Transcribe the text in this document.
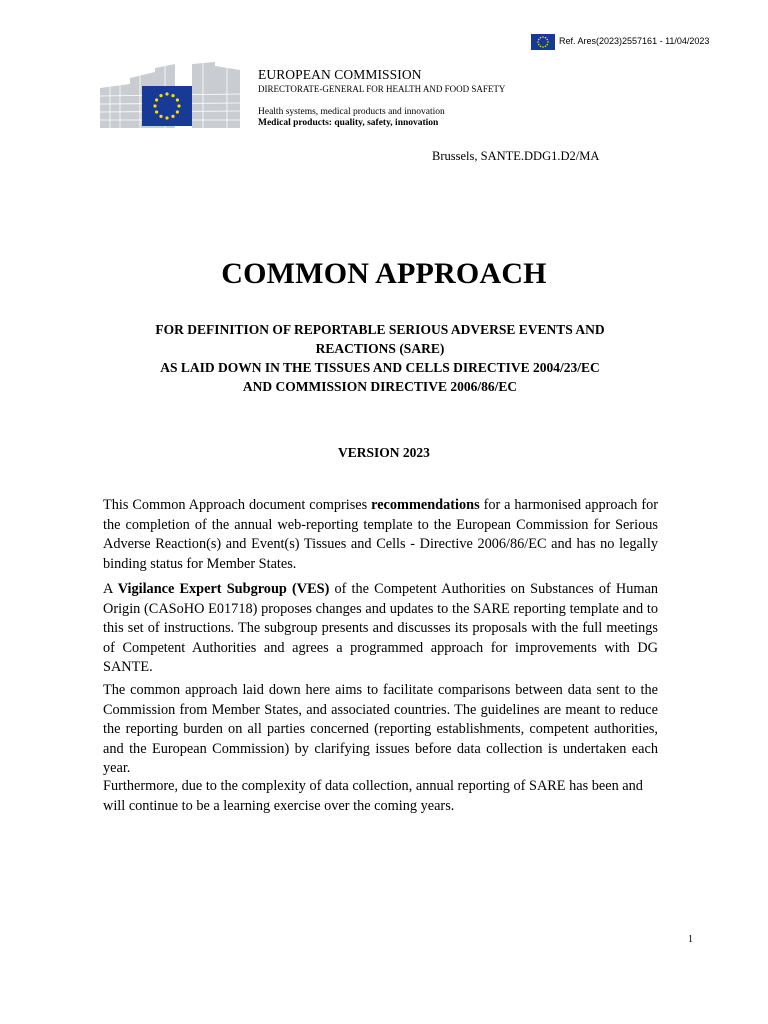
Ref. Ares(2023)2557161 - 11/04/2023
EUROPEAN COMMISSION
DIRECTORATE-GENERAL FOR HEALTH AND FOOD SAFETY
Health systems, medical products and innovation
Medical products: quality, safety, innovation
Brussels, SANTE.DDG1.D2/MA
COMMON APPROACH
FOR DEFINITION OF REPORTABLE SERIOUS ADVERSE EVENTS AND
REACTIONS (SARE)
AS LAID DOWN IN THE TISSUES AND CELLS DIRECTIVE 2004/23/EC
AND COMMISSION DIRECTIVE 2006/86/EC
VERSION 2023
This Common Approach document comprises recommendations for a harmonised approach for the completion of the annual web-reporting template to the European Commission for Serious Adverse Reaction(s) and Event(s) Tissues and Cells - Directive 2006/86/EC and has no legally binding status for Member States.
A Vigilance Expert Subgroup (VES) of the Competent Authorities on Substances of Human Origin (CASoHO E01718) proposes changes and updates to the SARE reporting template and to this set of instructions. The subgroup presents and discusses its proposals with the full meetings of Competent Authorities and agrees a programmed approach for improvements with DG SANTE.
The common approach laid down here aims to facilitate comparisons between data sent to the Commission from Member States, and associated countries. The guidelines are meant to reduce the reporting burden on all parties concerned (reporting establishments, competent authorities, and the European Commission) by clarifying issues before data collection is undertaken each year.
Furthermore, due to the complexity of data collection, annual reporting of SARE has been and will continue to be a learning exercise over the coming years.
1
